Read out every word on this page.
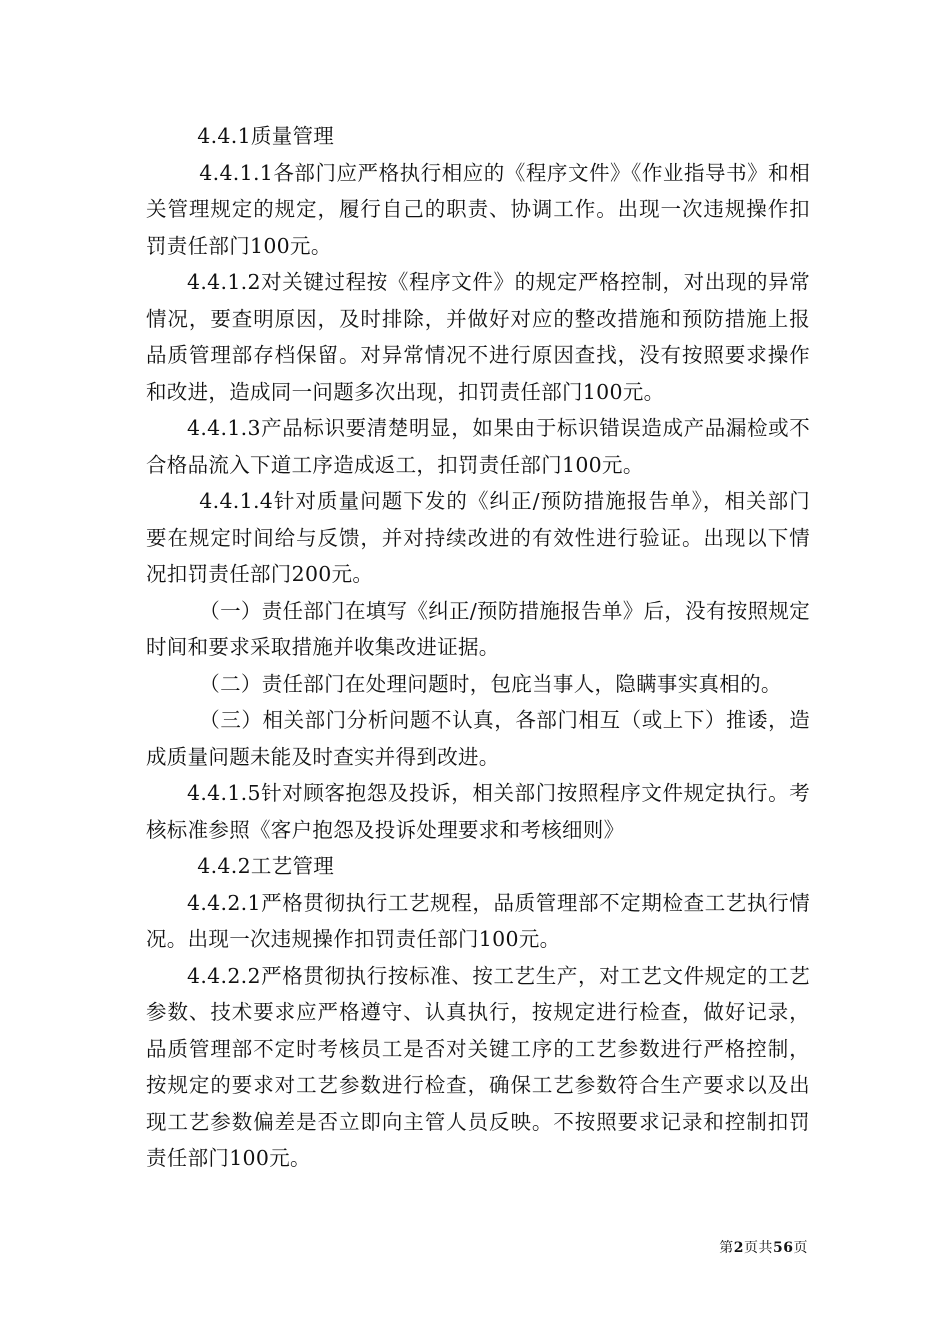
4.4.1质量管理

4.4.1.1各部门应严格执行相应的《程序文件》《作业指导书》和相关管理规定的规定，履行自己的职责、协调工作。出现一次违规操作扣罚责任部门100元。

4.4.1.2对关键过程按《程序文件》的规定严格控制，对出现的异常情况，要查明原因，及时排除，并做好对应的整改措施和预防措施上报品质管理部存档保留。对异常情况不进行原因查找，没有按照要求操作和改进，造成同一问题多次出现，扣罚责任部门100元。

4.4.1.3产品标识要清楚明显，如果由于标识错误造成产品漏检或不合格品流入下道工序造成返工，扣罚责任部门100元。

4.4.1.4针对质量问题下发的《纠正/预防措施报告单》，相关部门要在规定时间给与反馈，并对持续改进的有效性进行验证。出现以下情况扣罚责任部门200元。

（一）责任部门在填写《纠正/预防措施报告单》后，没有按照规定时间和要求采取措施并收集改进证据。

（二）责任部门在处理问题时，包庇当事人，隐瞒事实真相的。

（三）相关部门分析问题不认真，各部门相互（或上下）推诿，造成质量问题未能及时查实并得到改进。

4.4.1.5针对顾客抱怨及投诉，相关部门按照程序文件规定执行。考核标准参照《客户抱怨及投诉处理要求和考核细则》

4.4.2工艺管理

4.4.2.1严格贯彻执行工艺规程，品质管理部不定期检查工艺执行情况。出现一次违规操作扣罚责任部门100元。

4.4.2.2严格贯彻执行按标准、按工艺生产，对工艺文件规定的工艺参数、技术要求应严格遵守、认真执行，按规定进行检查，做好记录，品质管理部不定时考核员工是否对关键工序的工艺参数进行严格控制，按规定的要求对工艺参数进行检查，确保工艺参数符合生产要求以及出现工艺参数偏差是否立即向主管人员反映。不按照要求记录和控制扣罚责任部门100元。

第2页共56页
